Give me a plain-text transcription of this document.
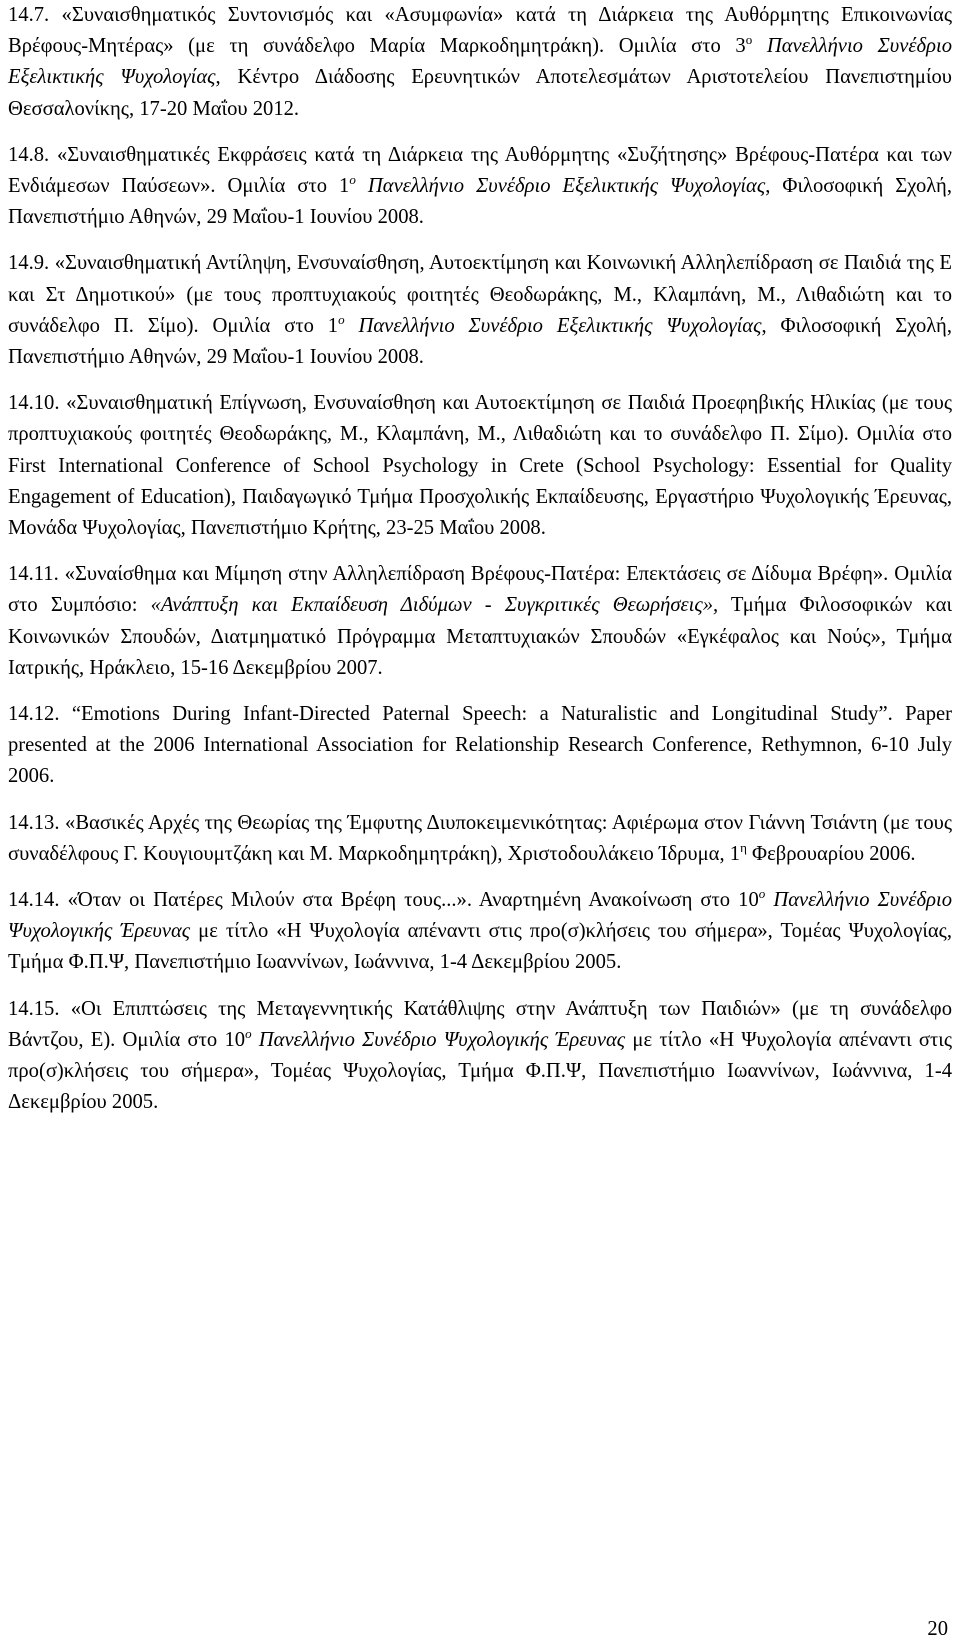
14.7. «Συναισθηματικός Συντονισμός και «Ασυμφωνία» κατά τη Διάρκεια της Αυθόρμητης Επικοινωνίας Βρέφους-Μητέρας» (με τη συνάδελφο Μαρία Μαρκοδημητράκη). Ομιλία στο $3^o$ Πανελλήνιο Συνέδριο Εξελικτικής Ψυχολογίας, Κέντρο Διάδοσης Ερευνητικών Αποτελεσμάτων Αριστοτελείου Πανεπιστημίου Θεσσαλονίκης, 17-20 Μαΐου 2012.

14.8. «Συναισθηματικές Εκφράσεις κατά τη Διάρκεια της Αυθόρμητης «Συζήτησης» Βρέφους-Πατέρα και των Ενδιάμεσων Παύσεων». Ομιλία στο $1^o$ Πανελλήνιο Συνέδριο Εξελικτικής Ψυχολογίας, Φιλοσοφική Σχολή, Πανεπιστήμιο Αθηνών, 29 Μαΐου-1 Ιουνίου 2008.

14.9. «Συναισθηματική Αντίληψη, Ενσυναίσθηση, Αυτοεκτίμηση και Κοινωνική Αλληλεπίδραση σε Παιδιά της Ε και Στ Δημοτικού» (με τους προπτυχιακούς φοιτητές Θεοδωράκης, Μ., Κλαμπάνη, Μ., Λιθαδιώτη και το συνάδελφο Π. Σίμο). Ομιλία στο $1^o$ Πανελλήνιο Συνέδριο Εξελικτικής Ψυχολογίας, Φιλοσοφική Σχολή, Πανεπιστήμιο Αθηνών, 29 Μαΐου-1 Ιουνίου 2008.

14.10. «Συναισθηματική Επίγνωση, Ενσυναίσθηση και Αυτοεκτίμηση σε Παιδιά Προεφηβικής Ηλικίας (με τους προπτυχιακούς φοιτητές Θεοδωράκης, Μ., Κλαμπάνη, Μ., Λιθαδιώτη και το συνάδελφο Π. Σίμο). Ομιλία στο First International Conference of School Psychology in Crete (School Psychology: Essential for Quality Engagement of Education), Παιδαγωγικό Τμήμα Προσχολικής Εκπαίδευσης, Εργαστήριο Ψυχολογικής Έρευνας, Μονάδα Ψυχολογίας, Πανεπιστήμιο Κρήτης, 23-25 Μαΐου 2008.

14.11. «Συναίσθημα και Μίμηση στην Αλληλεπίδραση Βρέφους-Πατέρα: Επεκτάσεις σε Δίδυμα Βρέφη». Ομιλία στο Συμπόσιο: «Ανάπτυξη και Εκπαίδευση Διδύμων - Συγκριτικές Θεωρήσεις», Τμήμα Φιλοσοφικών και Κοινωνικών Σπουδών, Διατμηματικό Πρόγραμμα Μεταπτυχιακών Σπουδών «Εγκέφαλος και Νούς», Τμήμα Ιατρικής, Ηράκλειο, 15-16 Δεκεμβρίου 2007.

14.12. “Emotions During Infant-Directed Paternal Speech: a Naturalistic and Longitudinal Study”. Paper presented at the 2006 International Association for Relationship Research Conference, Rethymnon, 6-10 July 2006.

14.13. «Βασικές Αρχές της Θεωρίας της Έμφυτης Διυποκειμενικότητας: Αφιέρωμα στον Γιάννη Τσιάντη (με τους συναδέλφους Γ. Κουγιουμτζάκη και Μ. Μαρκοδημητράκη), Χριστοδουλάκειο Ίδρυμα, $1^\eta$ Φεβρουαρίου 2006.

14.14. «Όταν οι Πατέρες Μιλούν στα Βρέφη τους...». Αναρτημένη Ανακοίνωση στο $10^o$ Πανελλήνιο Συνέδριο Ψυχολογικής Έρευνας με τίτλο «Η Ψυχολογία απέναντι στις προ(σ)κλήσεις του σήμερα», Τομέας Ψυχολογίας, Τμήμα Φ.Π.Ψ, Πανεπιστήμιο Ιωαννίνων, Ιωάννινα, 1-4 Δεκεμβρίου 2005.

14.15. «Οι Επιπτώσεις της Μεταγεννητικής Κατάθλιψης στην Ανάπτυξη των Παιδιών» (με τη συνάδελφο Βάντζου, Ε). Ομιλία στο $10^o$ Πανελλήνιο Συνέδριο Ψυχολογικής Έρευνας με τίτλο «Η Ψυχολογία απέναντι στις προ(σ)κλήσεις του σήμερα», Τομέας Ψυχολογίας, Τμήμα Φ.Π.Ψ, Πανεπιστήμιο Ιωαννίνων, Ιωάννινα, 1-4 Δεκεμβρίου 2005.

20
